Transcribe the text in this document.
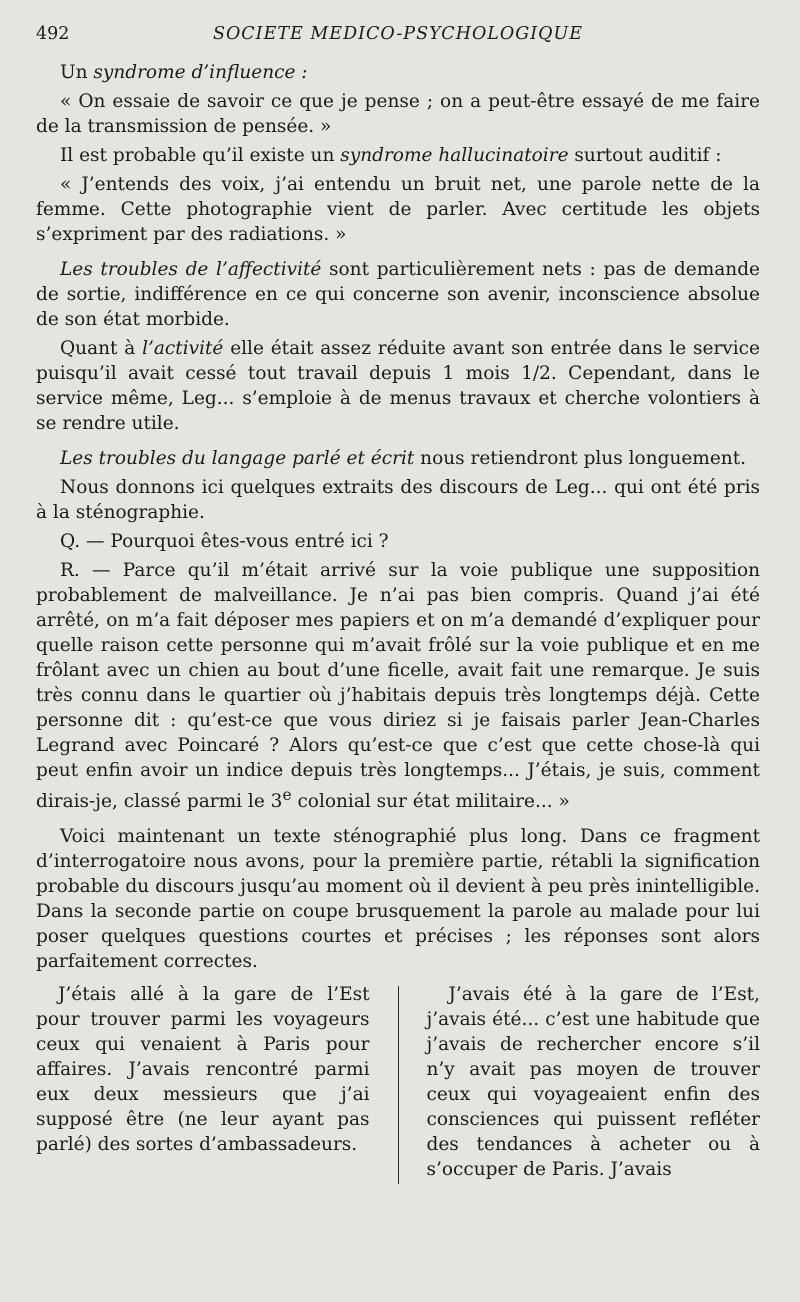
492	SOCIETE MEDICO-PSYCHOLOGIQUE

Un syndrome d’influence :

« On essaie de savoir ce que je pense ; on a peut-être essayé de me faire de la transmission de pensée. »

Il est probable qu’il existe un syndrome hallucinatoire surtout auditif :

« J’entends des voix, j’ai entendu un bruit net, une parole nette de la femme. Cette photographie vient de parler. Avec certitude les objets s’expriment par des radiations. »

Les troubles de l’affectivité sont particulièrement nets : pas de demande de sortie, indifférence en ce qui concerne son avenir, inconscience absolue de son état morbide.

Quant à l’activité elle était assez réduite avant son entrée dans le service puisqu’il avait cessé tout travail depuis 1 mois 1/2. Cependant, dans le service même, Leg... s’emploie à de menus travaux et cherche volontiers à se rendre utile.

Les troubles du langage parlé et écrit nous retiendront plus longuement.

Nous donnons ici quelques extraits des discours de Leg... qui ont été pris à la sténographie.

Q. — Pourquoi êtes-vous entré ici ?

R. — Parce qu’il m’était arrivé sur la voie publique une supposition probablement de malveillance. Je n’ai pas bien compris. Quand j’ai été arrêté, on m’a fait déposer mes papiers et on m’a demandé d’expliquer pour quelle raison cette personne qui m’avait frôlé sur la voie publique et en me frôlant avec un chien au bout d’une ficelle, avait fait une remarque. Je suis très connu dans le quartier où j’habitais depuis très longtemps déjà. Cette personne dit : qu’est-ce que vous diriez si je faisais parler Jean-Charles Legrand avec Poincaré ? Alors qu’est-ce que c’est que cette chose-là qui peut enfin avoir un indice depuis très longtemps... J’étais, je suis, comment dirais-je, classé parmi le 3e colonial sur état militaire... »

Voici maintenant un texte sténographié plus long. Dans ce fragment d’interrogatoire nous avons, pour la première partie, rétabli la signification probable du discours jusqu’au moment où il devient à peu près inintelligible. Dans la seconde partie on coupe brusquement la parole au malade pour lui poser quelques questions courtes et précises ; les réponses sont alors parfaitement correctes.

J’étais allé à la gare de l’Est pour trouver parmi les voyageurs ceux qui venaient à Paris pour affaires. J’avais rencontré parmi eux deux messieurs que j’ai supposé être (ne leur ayant pas parlé) des sortes d’ambassadeurs.

J’avais été à la gare de l’Est, j’avais été... c’est une habitude que j’avais de rechercher encore s’il n’y avait pas moyen de trouver ceux qui voyageaient enfin des consciences qui puissent refléter des tendances à acheter ou à s’occuper de Paris. J’avais
